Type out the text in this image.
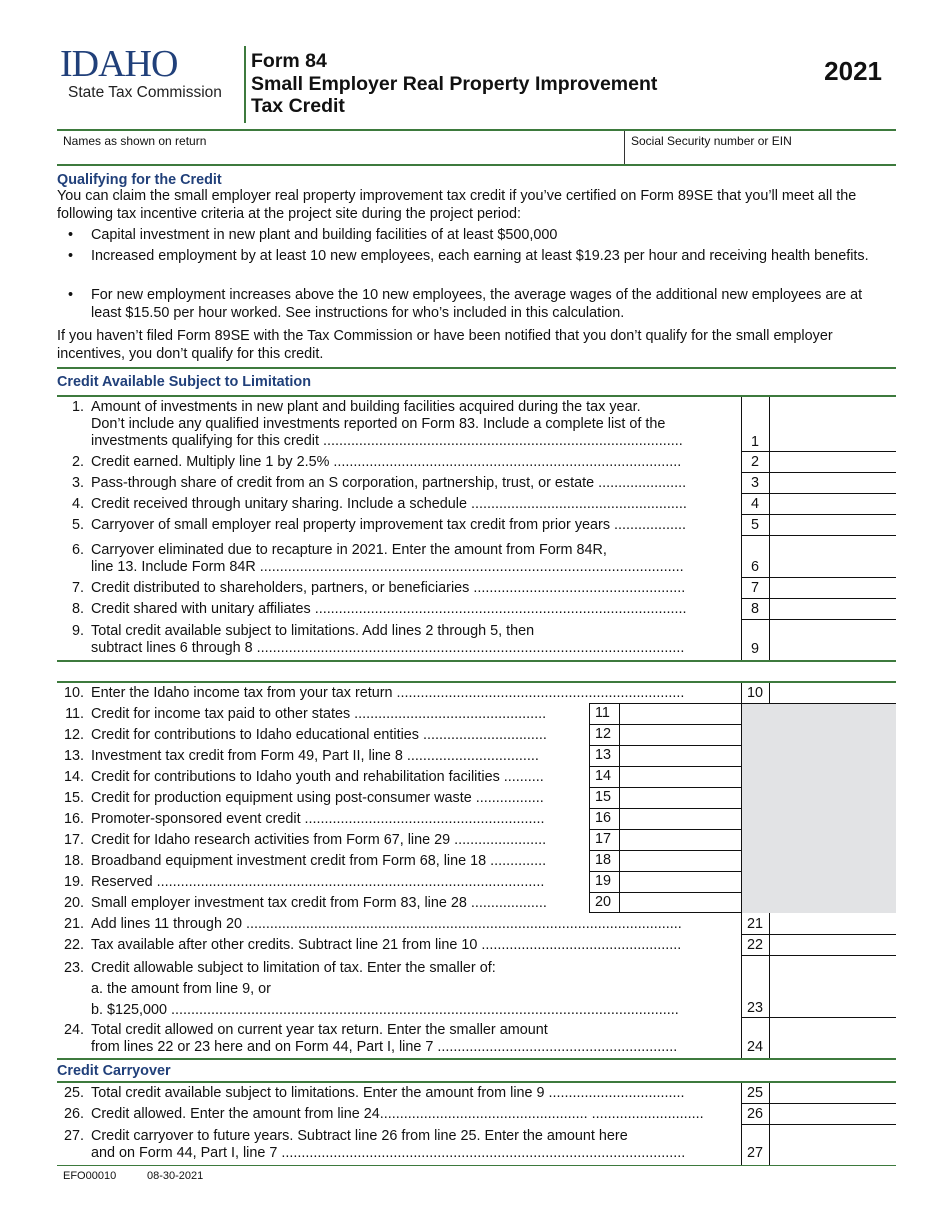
IDAHO
State Tax Commission
Form 84
Small Employer Real Property Improvement
Tax Credit
2021
Names as shown on return	Social Security number or EIN
Qualifying for the Credit
You can claim the small employer real property improvement tax credit if you’ve certified on Form 89SE that you’ll meet all the following tax incentive criteria at the project site during the project period:
• Capital investment in new plant and building facilities of at least $500,000
• Increased employment by at least 10 new employees, each earning at least $19.23 per hour and receiving health benefits.
• For new employment increases above the 10 new employees, the average wages of the additional new employees are at least $15.50 per hour worked. See instructions for who’s included in this calculation.
If you haven’t filed Form 89SE with the Tax Commission or have been notified that you don’t qualify for the small employer incentives, you don’t qualify for this credit.
Credit Available Subject to Limitation
1. Amount of investments in new plant and building facilities acquired during the tax year.
Don’t include any qualified investments reported on Form 83. Include a complete list of the
investments qualifying for this credit ..........................................................................................	1
2. Credit earned. Multiply line 1 by 2.5% .......................................................................................	2
3. Pass-through share of credit from an S corporation, partnership, trust, or estate ......................	3
4. Credit received through unitary sharing. Include a schedule ......................................................	4
5. Carryover of small employer real property improvement tax credit from prior years ..................	5
6. Carryover eliminated due to recapture in 2021. Enter the amount from Form 84R,
line 13. Include Form 84R ..........................................................................................................	6
7. Credit distributed to shareholders, partners, or beneficiaries .....................................................	7
8. Credit shared with unitary affiliates .............................................................................................	8
9. Total credit available subject to limitations. Add lines 2 through 5, then
subtract lines 6 through 8 ...........................................................................................................	9
10. Enter the Idaho income tax from your tax return ........................................................................	10
11. Credit for income tax paid to other states ................................................	11
12. Credit for contributions to Idaho educational entities ...............................	12
13. Investment tax credit from Form 49, Part II, line 8 .................................	13
14. Credit for contributions to Idaho youth and rehabilitation facilities ..........	14
15. Credit for production equipment using post-consumer waste .................	15
16. Promoter-sponsored event credit ............................................................	16
17. Credit for Idaho research activities from Form 67, line 29 .......................	17
18. Broadband equipment investment credit from Form 68, line 18 ..............	18
19. Reserved .................................................................................................	19
20. Small employer investment tax credit from Form 83, line 28 ...................	20
21. Add lines 11 through 20 .............................................................................................................	21
22. Tax available after other credits. Subtract line 21 from line 10 ..................................................	22
23. Credit allowable subject to limitation of tax. Enter the smaller of:
a. the amount from line 9, or
b. $125,000 ...............................................................................................................................	23
24. Total credit allowed on current year tax return. Enter the smaller amount
from lines 22 or 23 here and on Form 44, Part I, line 7 ............................................................	24
Credit Carryover
25. Total credit available subject to limitations. Enter the amount from line 9 ..................................	25
26. Credit allowed. Enter the amount from line 24.................................................... ............................	26
27. Credit carryover to future years. Subtract line 26 from line 25. Enter the amount here
and on Form 44, Part I, line 7 .....................................................................................................	27
EFO00010	08-30-2021
